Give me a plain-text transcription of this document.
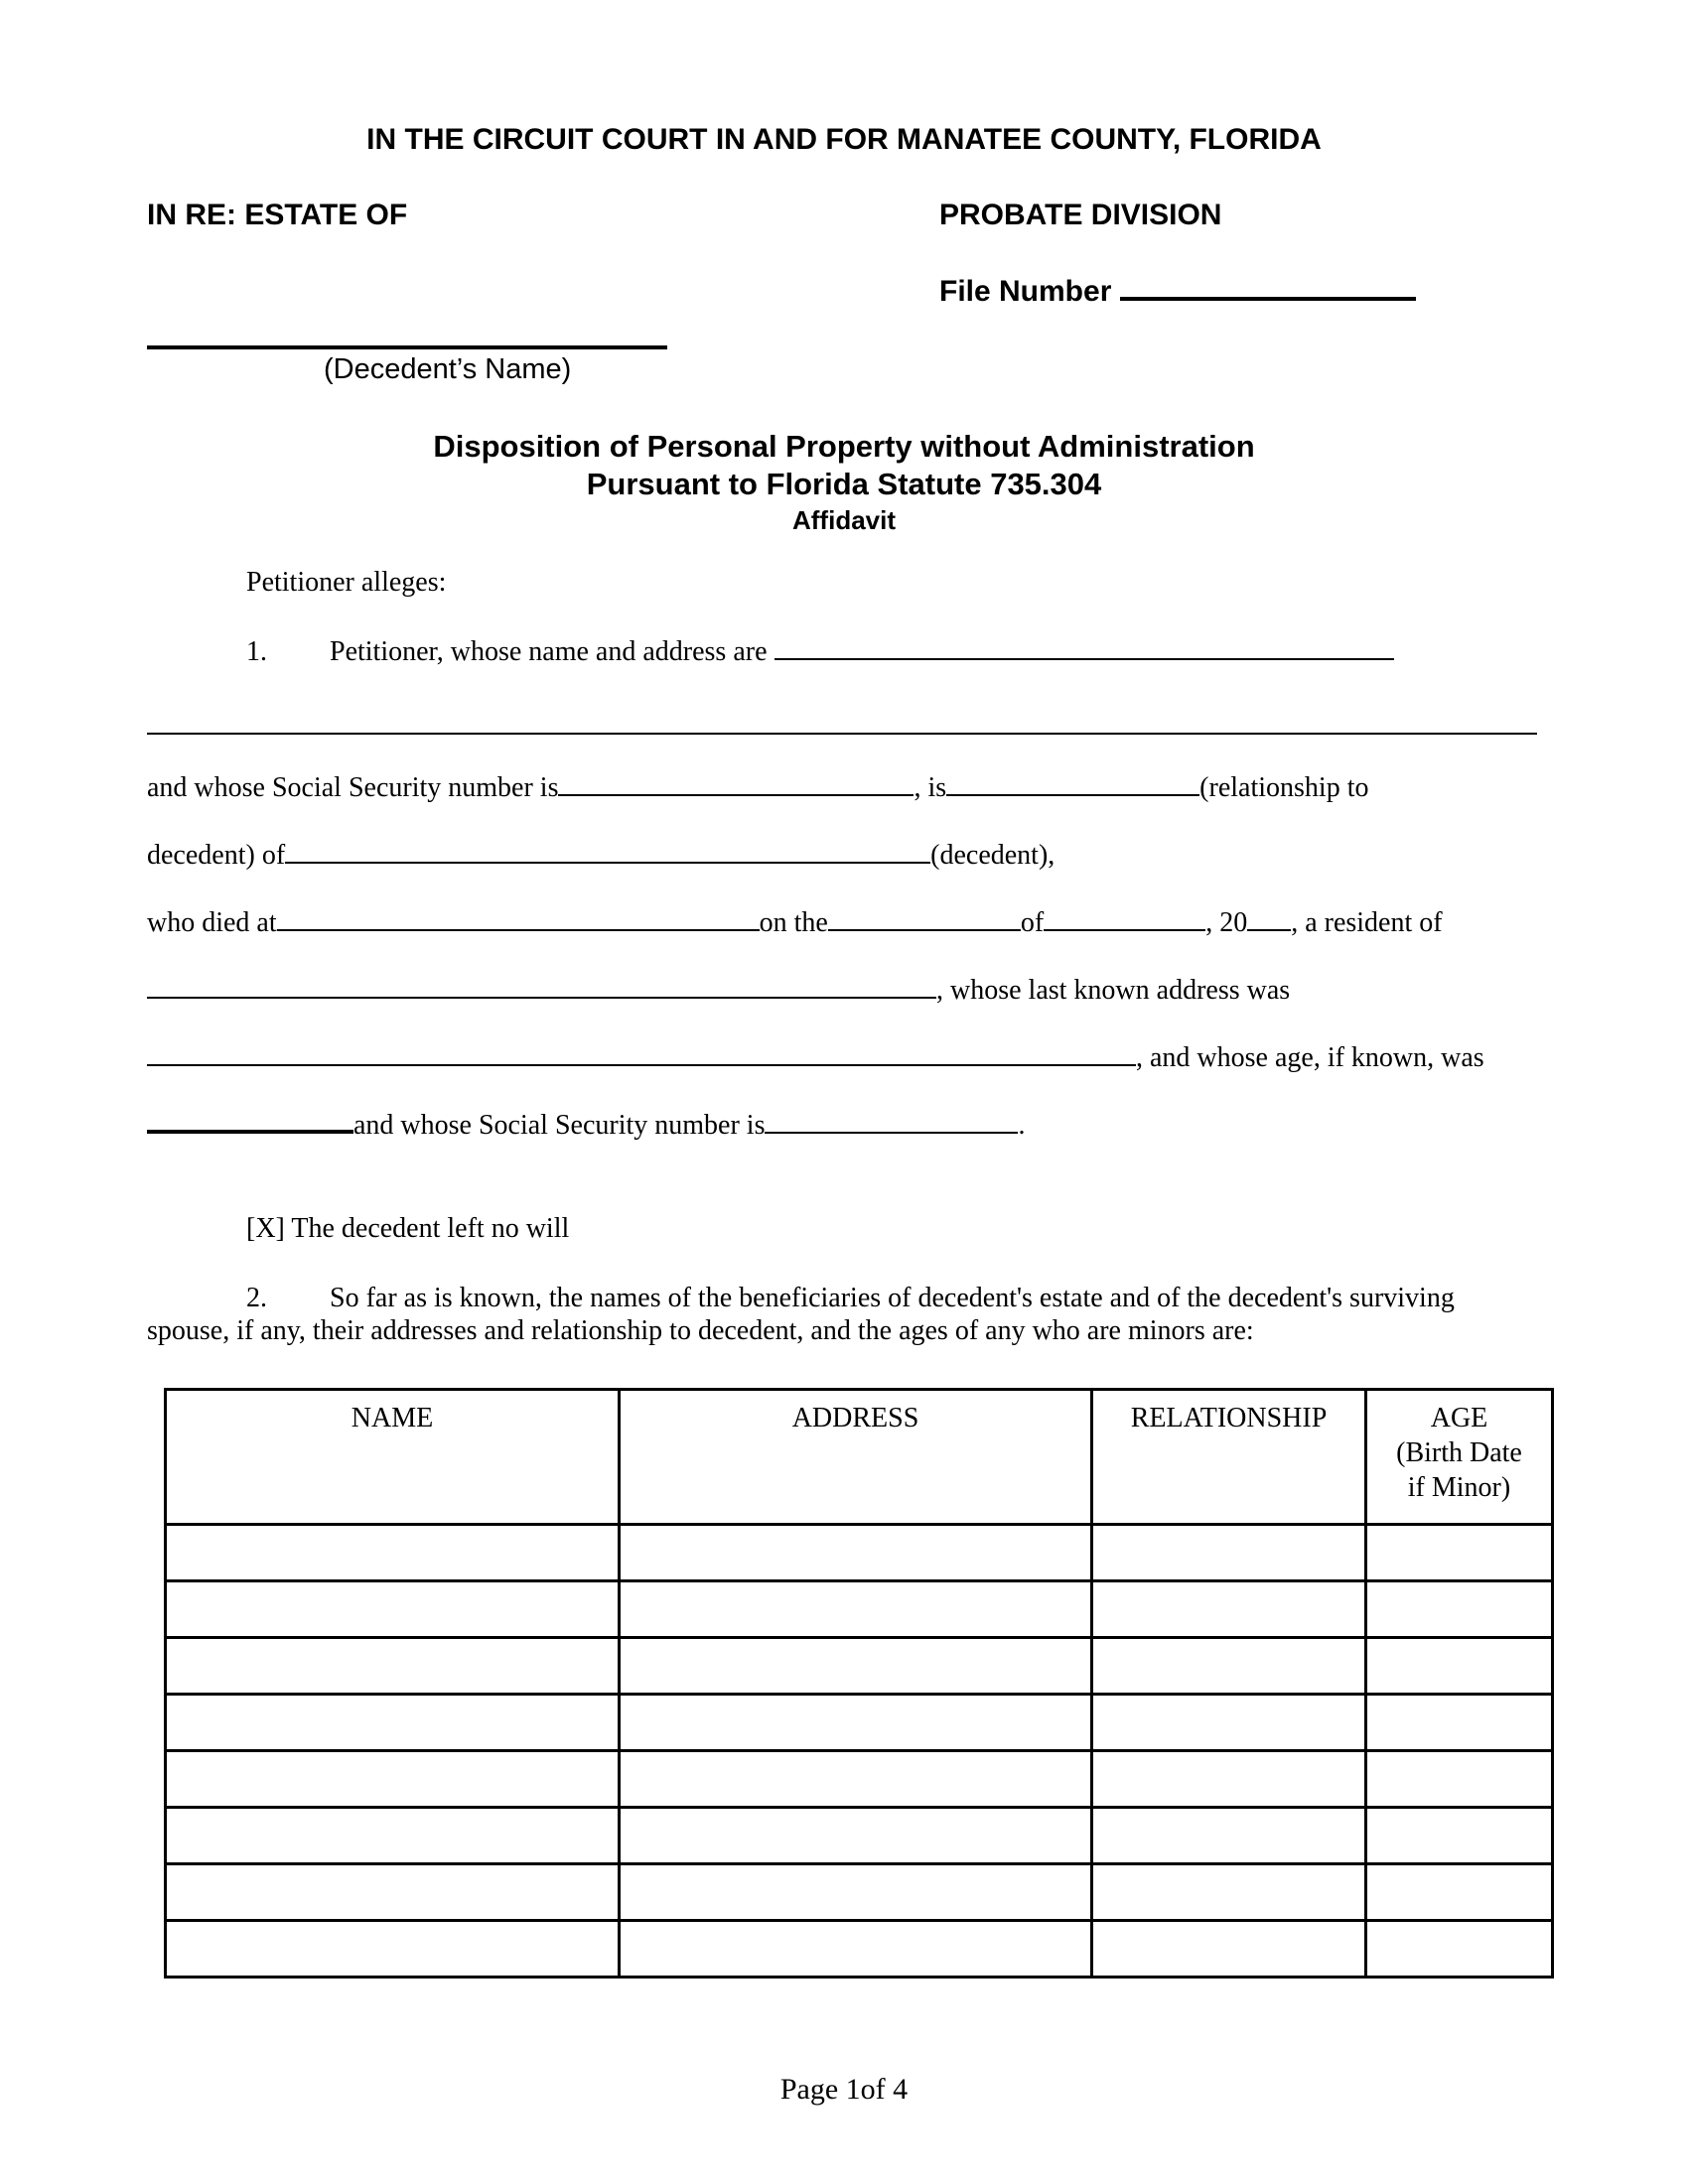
IN THE CIRCUIT COURT IN AND FOR MANATEE COUNTY, FLORIDA
IN RE: ESTATE OF	PROBATE DIVISION
File Number
(Decedent’s Name)
Disposition of Personal Property without Administration
Pursuant to Florida Statute 735.304
Affidavit
Petitioner alleges:
1. Petitioner, whose name and address are
and whose Social Security number is	, is	(relationship to
decedent) of	(decedent),
who died at	on the	of	, 20 , a resident of
, whose last known address was
, and whose age, if known, was
and whose Social Security number is	.
[X] The decedent left no will
2. So far as is known, the names of the beneficiaries of decedent's estate and of the decedent's surviving
spouse, if any, their addresses and relationship to decedent, and the ages of any who are minors are:
NAME	ADDRESS	RELATIONSHIP	AGE
(Birth Date
if Minor)

Page 1of 4
